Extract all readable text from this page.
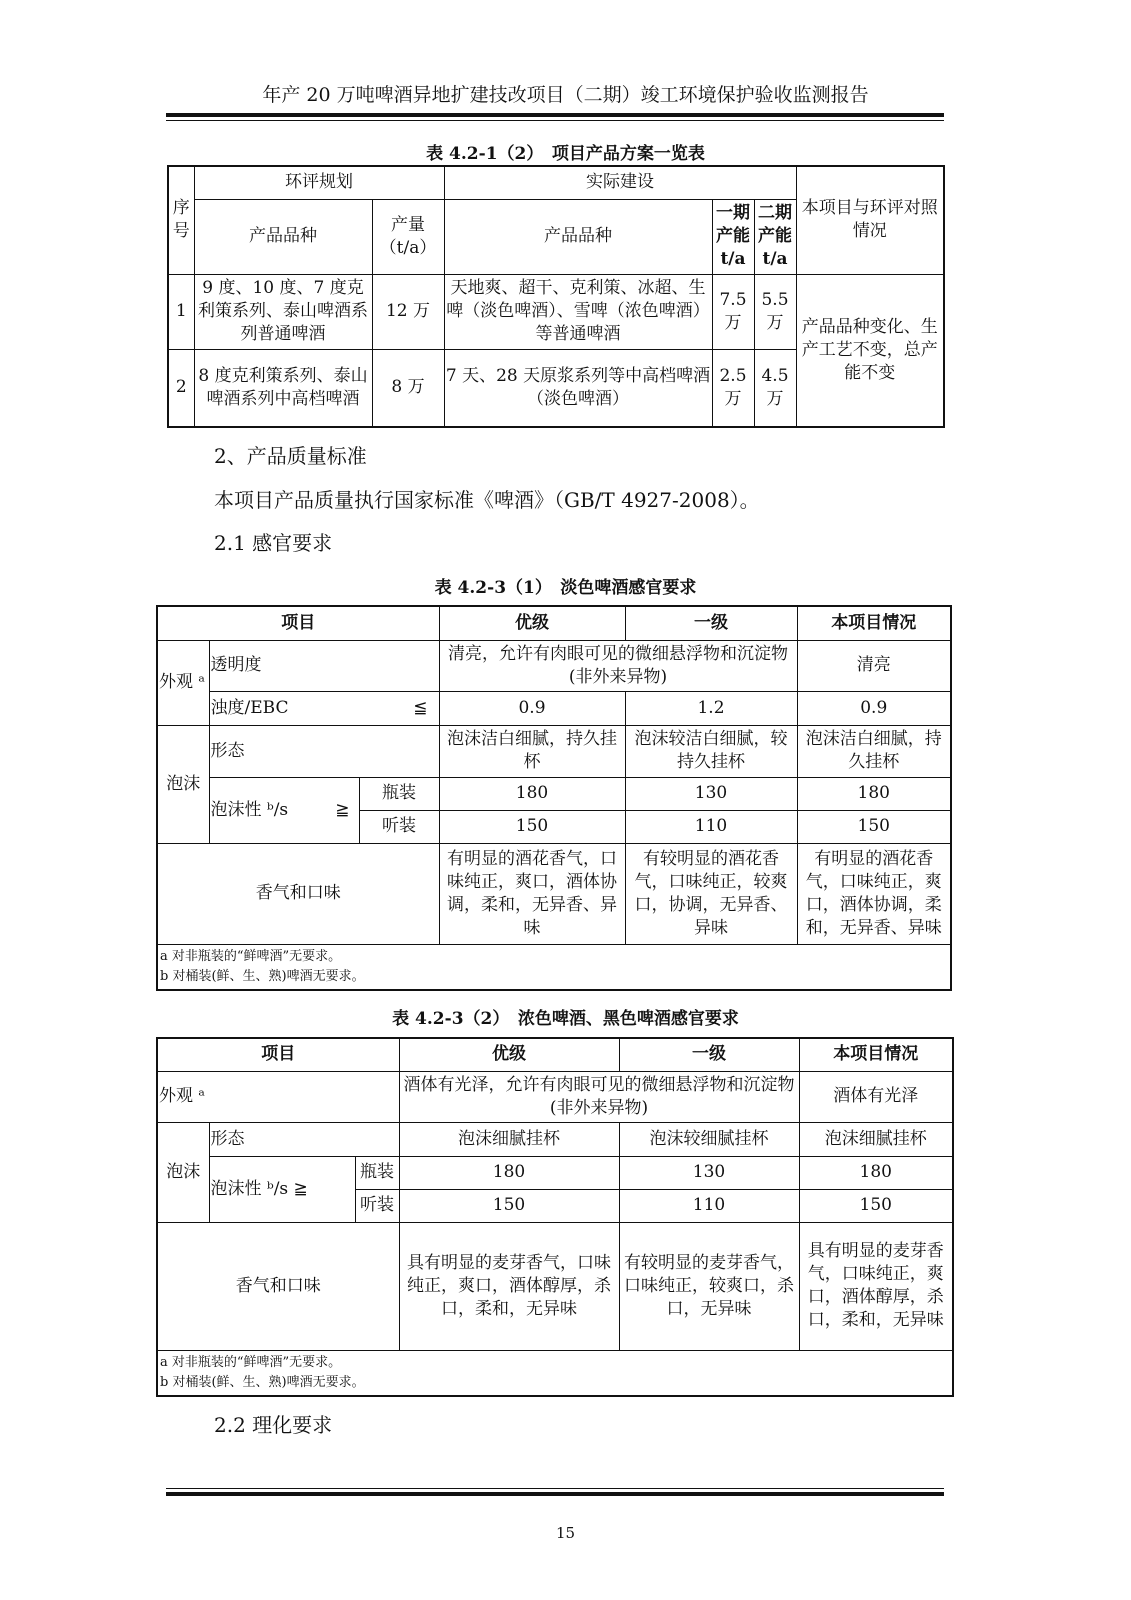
年产 20 万吨啤酒异地扩建技改项目（二期）竣工环境保护验收监测报告
表 4.2-1（2）　项目产品方案一览表
序号	环评规划		实际建设			本项目与环评对照情况
	产品品种	产量（t/a）	产品品种	一期产能 t/a	二期产能 t/a	
1	9 度、10 度、7 度克利策系列、泰山啤酒系列普通啤酒	12 万	天地爽、超干、克利策、冰超、生啤（淡色啤酒）、雪啤（浓色啤酒）等普通啤酒	7.5 万	5.5 万	产品品种变化、生产工艺不变，总产能不变
2	8 度克利策系列、泰山啤酒系列中高档啤酒	8 万	7 天、28 天原浆系列等中高档啤酒（淡色啤酒）	2.5 万	4.5 万	
2、产品质量标准
本项目产品质量执行国家标准《啤酒》（GB/T 4927-2008）。
2.1 感官要求
表 4.2-3（1）　淡色啤酒感官要求
项目			优级	一级	本项目情况
外观 ᵃ	透明度		清亮，允许有肉眼可见的微细悬浮物和沉淀物(非外来异物)		清亮
	浊度/EBC ≦		0.9	1.2	0.9
泡沫	形态		泡沫洁白细腻，持久挂杯	泡沫较洁白细腻，较持久挂杯	泡沫洁白细腻，持久挂杯
	泡沫性 ᵇ/s ≧	瓶装	180	130	180
		听装	150	110	150
香气和口味			有明显的酒花香气，口味纯正，爽口，酒体协调，柔和，无异香、异味	有较明显的酒花香气，口味纯正，较爽口，协调，无异香、异味	有明显的酒花香气，口味纯正，爽口，酒体协调，柔和，无异香、异味

a 对非瓶装的“鲜啤酒”无要求。
b 对桶装(鲜、生、熟)啤酒无要求。					
表 4.2-3（2）　浓色啤酒、黑色啤酒感官要求
项目			优级	一级	本项目情况
外观 ᵃ			酒体有光泽，允许有肉眼可见的微细悬浮物和沉淀物(非外来异物)		酒体有光泽
泡沫	形态		泡沫细腻挂杯	泡沫较细腻挂杯	泡沫细腻挂杯
	泡沫性 ᵇ/s ≧	瓶装	180	130	180
		听装	150	110	150
香气和口味			具有明显的麦芽香气，口味纯正，爽口，酒体醇厚，杀口，柔和，无异味	有较明显的麦芽香气，口味纯正，较爽口，杀口，无异味	具有明显的麦芽香气，口味纯正，爽口，酒体醇厚，杀口，柔和，无异味

a 对非瓶装的“鲜啤酒”无要求。
b 对桶装(鲜、生、熟)啤酒无要求。					
2.2 理化要求
15
